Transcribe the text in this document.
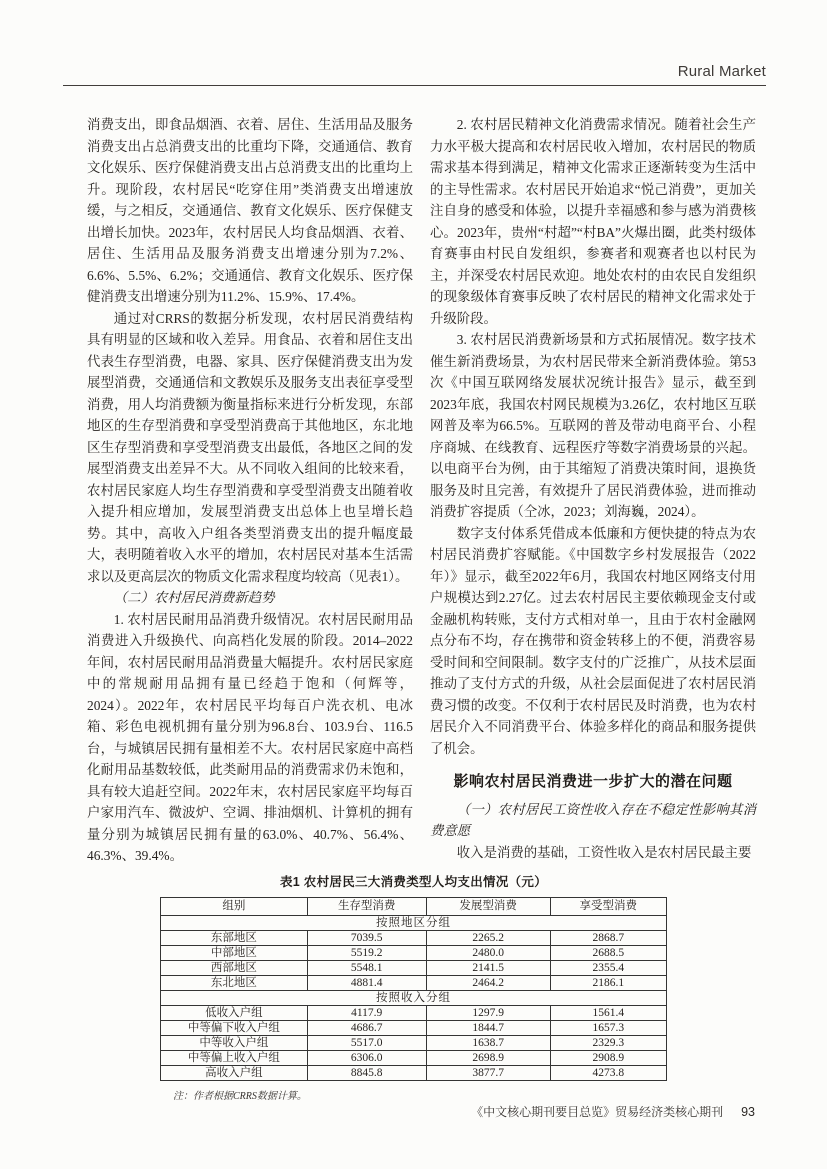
Rural Market

消费支出，即食品烟酒、衣着、居住、生活用品及服务消费支出占总消费支出的比重均下降，交通通信、教育文化娱乐、医疗保健消费支出占总消费支出的比重均上升。现阶段，农村居民“吃穿住用”类消费支出增速放缓，与之相反，交通通信、教育文化娱乐、医疗保健支出增长加快。2023年，农村居民人均食品烟酒、衣着、居住、生活用品及服务消费支出增速分别为7.2%、6.6%、5.5%、6.2%；交通通信、教育文化娱乐、医疗保健消费支出增速分别为11.2%、15.9%、17.4%。

通过对CRRS的数据分析发现，农村居民消费结构具有明显的区域和收入差异。用食品、衣着和居住支出代表生存型消费，电器、家具、医疗保健消费支出为发展型消费，交通通信和文教娱乐及服务支出表征享受型消费，用人均消费额为衡量指标来进行分析发现，东部地区的生存型消费和享受型消费高于其他地区，东北地区生存型消费和享受型消费支出最低，各地区之间的发展型消费支出差异不大。从不同收入组间的比较来看，农村居民家庭人均生存型消费和享受型消费支出随着收入提升相应增加，发展型消费支出总体上也呈增长趋势。其中，高收入户组各类型消费支出的提升幅度最大，表明随着收入水平的增加，农村居民对基本生活需求以及更高层次的物质文化需求程度均较高（见表1）。

（二）农村居民消费新趋势

1. 农村居民耐用品消费升级情况。农村居民耐用品消费进入升级换代、向高档化发展的阶段。2014–2022年间，农村居民耐用品消费量大幅提升。农村居民家庭中的常规耐用品拥有量已经趋于饱和（何辉等，2024）。2022年，农村居民平均每百户洗衣机、电冰箱、彩色电视机拥有量分别为96.8台、103.9台、116.5台，与城镇居民拥有量相差不大。农村居民家庭中高档化耐用品基数较低，此类耐用品的消费需求仍未饱和，具有较大追赶空间。2022年末，农村居民家庭平均每百户家用汽车、微波炉、空调、排油烟机、计算机的拥有量分别为城镇居民拥有量的63.0%、40.7%、56.4%、46.3%、39.4%。

2. 农村居民精神文化消费需求情况。随着社会生产力水平极大提高和农村居民收入增加，农村居民的物质需求基本得到满足，精神文化需求正逐渐转变为生活中的主导性需求。农村居民开始追求“悦己消费”，更加关注自身的感受和体验，以提升幸福感和参与感为消费核心。2023年，贵州“村超”“村BA”火爆出圈，此类村级体育赛事由村民自发组织，参赛者和观赛者也以村民为主，并深受农村居民欢迎。地处农村的由农民自发组织的现象级体育赛事反映了农村居民的精神文化需求处于升级阶段。

3. 农村居民消费新场景和方式拓展情况。数字技术催生新消费场景，为农村居民带来全新消费体验。第53次《中国互联网络发展状况统计报告》显示，截至到2023年底，我国农村网民规模为3.26亿，农村地区互联网普及率为66.5%。互联网的普及带动电商平台、小程序商城、在线教育、远程医疗等数字消费场景的兴起。以电商平台为例，由于其缩短了消费决策时间，退换货服务及时且完善，有效提升了居民消费体验，进而推动消费扩容提质（仝冰，2023；刘海巍，2024）。

数字支付体系凭借成本低廉和方便快捷的特点为农村居民消费扩容赋能。《中国数字乡村发展报告（2022年）》显示，截至2022年6月，我国农村地区网络支付用户规模达到2.27亿。过去农村居民主要依赖现金支付或金融机构转账，支付方式相对单一，且由于农村金融网点分布不均，存在携带和资金转移上的不便，消费容易受时间和空间限制。数字支付的广泛推广，从技术层面推动了支付方式的升级，从社会层面促进了农村居民消费习惯的改变。不仅利于农村居民及时消费，也为农村居民介入不同消费平台、体验多样化的商品和服务提供了机会。

影响农村居民消费进一步扩大的潜在问题

（一）农村居民工资性收入存在不稳定性影响其消费意愿

收入是消费的基础，工资性收入是农村居民最主要

表1 农村居民三大消费类型人均支出情况（元）
组别	生存型消费	发展型消费	享受型消费
按照地区分组			
东部地区	7039.5	2265.2	2868.7
中部地区	5519.2	2480.0	2688.5
西部地区	5548.1	2141.5	2355.4
东北地区	4881.4	2464.2	2186.1
按照收入分组			
低收入户组	4117.9	1297.9	1561.4
中等偏下收入户组	4686.7	1844.7	1657.3
中等收入户组	5517.0	1638.7	2329.3
中等偏上收入户组	6306.0	2698.9	2908.9
高收入户组	8845.8	3877.7	4273.8
注：作者根据CRRS数据计算。
《中文核心期刊要目总览》贸易经济类核心期刊 93
